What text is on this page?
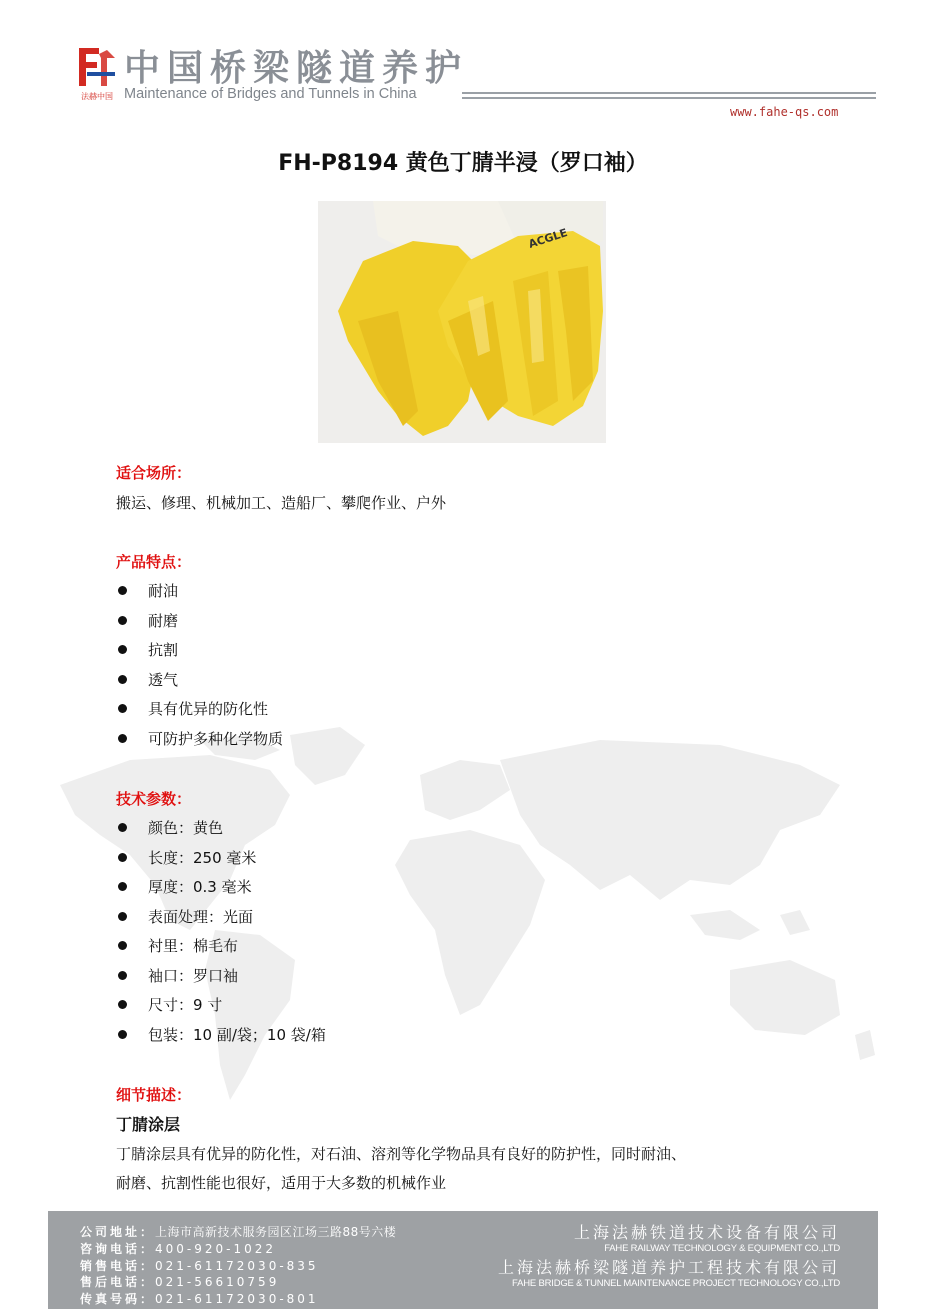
法赫中国
中国桥梁隧道养护
Maintenance of Bridges and Tunnels in China
www.fahe-qs.com
FH-P8194 黄色丁腈半浸（罗口袖）
ACGLE
适合场所：
搬运、修理、机械加工、造船厂、攀爬作业、户外
产品特点：
耐油
耐磨
抗割
透气
具有优异的防化性
可防护多种化学物质
技术参数：
颜色：黄色
长度：250 毫米
厚度：0.3 毫米
表面处理：光面
衬里：棉毛布
袖口：罗口袖
尺寸：9 寸
包装：10 副/袋；10 袋/箱
细节描述：
丁腈涂层
丁腈涂层具有优异的防化性，对石油、溶剂等化学物品具有良好的防护性，同时耐油、
耐磨、抗割性能也很好，适用于大多数的机械作业
公司地址：上海市高新技术服务园区江场三路88号六楼
咨询电话：400-920-1022
销售电话：021-61172030-835
售后电话：021-56610759
传真号码：021-61172030-801
上海法赫铁道技术设备有限公司
FAHE RAILWAY TECHNOLOGY & EQUIPMENT CO.,LTD
上海法赫桥梁隧道养护工程技术有限公司
FAHE BRIDGE & TUNNEL MAINTENANCE PROJECT TECHNOLOGY CO.,LTD
